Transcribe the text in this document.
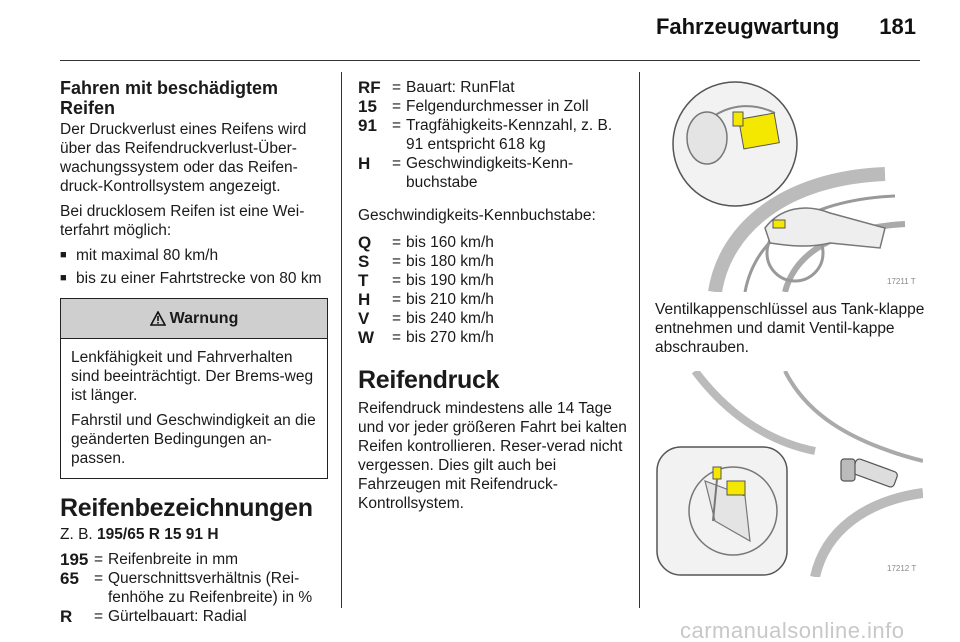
Fahrzeugwartung 181
Fahren mit beschädigtem Reifen

Der Druckverlust eines Reifens wird über das Reifendruckverlust-Über-wachungssystem oder das Reifen-druck-Kontrollsystem angezeigt.

Bei drucklosem Reifen ist eine Wei-terfahrt möglich:

■ mit maximal 80 km/h
■ bis zu einer Fahrtstrecke von 80 km
Warnung

Lenkfähigkeit und Fahrverhalten sind beeinträchtigt. Der Brems-weg ist länger.

Fahrstil und Geschwindigkeit an die geänderten Bedingungen an-passen.

Reifenbezeichnungen

Z. B. 195/65 R 15 91 H

195 = Reifenbreite in mm
65 = Querschnittsverhältnis (Rei-fenhöhe zu Reifenbreite) in %
R	= Gürtelbauart: Radial
RF = Bauart: RunFlat
15 = Felgendurchmesser in Zoll
91 = Tragfähigkeits-Kennzahl, z. B. 91 entspricht 618 kg
H	= Geschwindigkeits-Kenn-buchstabe

Geschwindigkeits-Kennbuchstabe:

Q	= bis 160 km/h
S	= bis 180 km/h
T	= bis 190 km/h
H	= bis 210 km/h
V	= bis 240 km/h
W	= bis 270 km/h
Reifendruck

Reifendruck mindestens alle 14 Tage und vor jeder größeren Fahrt bei kalten Reifen kontrollieren. Reser-verad nicht vergessen. Dies gilt auch bei Fahrzeugen mit Reifendruck-Kontrollsystem.

17211 T

Ventilkappenschlüssel aus Tank-klappe entnehmen und damit Ventil-kappe abschrauben.

17212 T
carmanualsonline.info
